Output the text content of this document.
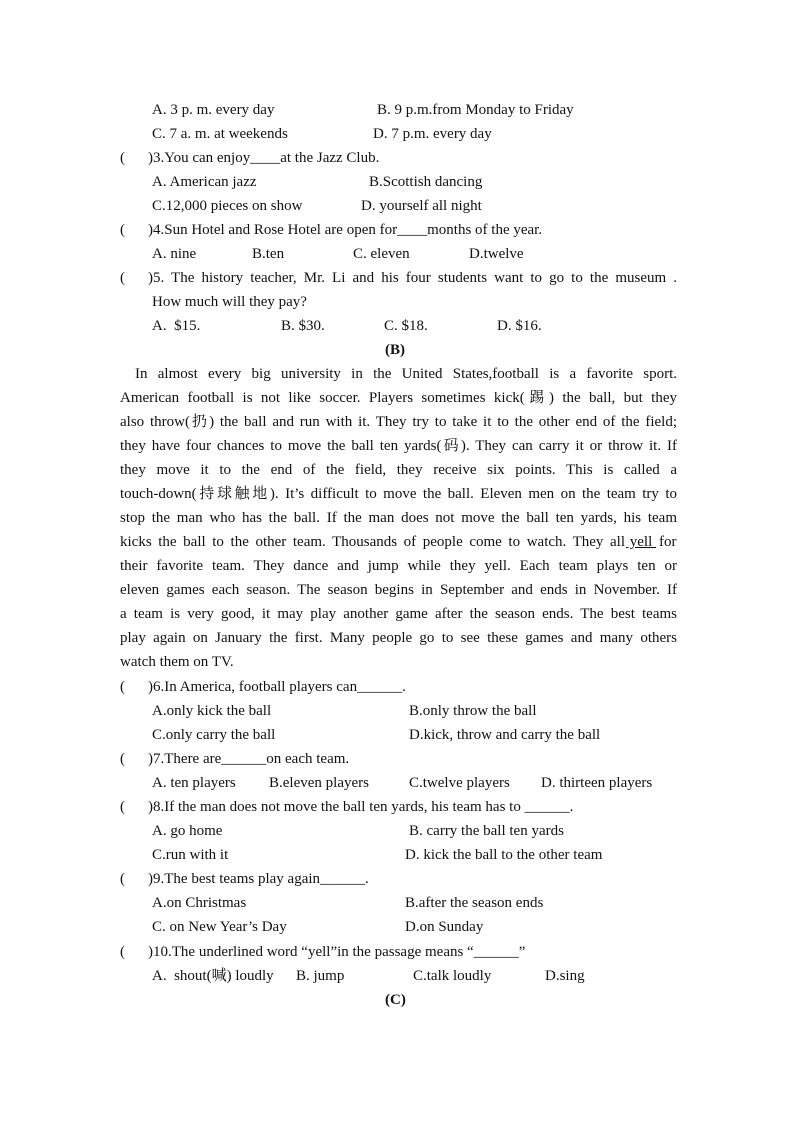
A. 3 p. m. every day	B. 9 p.m.from Monday to Friday
C. 7 a. m. at weekends	D. 7 p.m. every day
( )3.You can enjoy____at the Jazz Club.
A. American jazz	B.Scottish dancing
C.12,000 pieces on show	D. yourself all night
( )4.Sun Hotel and Rose Hotel are open for____months of the year.
A. nine	B.ten	C. eleven	D.twelve
( )5. The history teacher, Mr. Li and his four students want to go to the museum .
How much will they pay?
A.  $15.	B. $30.	C. $18.	D. $16.
(B)
In almost every big university in the United States,football is a favorite sport.
American football is not like soccer. Players sometimes kick(踢) the ball, but they
also throw(扔) the ball and run with it. They try to take it to the other end of the field;
they have four chances to move the ball ten yards(码). They can carry it or throw it. If
they move it to the end of the field, they receive six points. This is called a
touch-down(持球触地). It’s difficult to move the ball. Eleven men on the team try to
stop the man who has the ball. If the man does not move the ball ten yards, his team
kicks the ball to the other team. Thousands of people come to watch. They all yell for
their favorite team. They dance and jump while they yell. Each team plays ten or
eleven games each season. The season begins in September and ends in November. If
a team is very good, it may play another game after the season ends. The best teams
play again on January the first. Many people go to see these games and many others
watch them on TV.
( )6.In America, football players can______.
A.only kick the ball	B.only throw the ball
C.only carry the ball	D.kick, throw and carry the ball
( )7.There are______on each team.
A. ten players B.eleven players	C.twelve players D. thirteen players
( )8.If the man does not move the ball ten yards, his team has to ______.
A. go home	B. carry the ball ten yards
C.run with it	D. kick the ball to the other team
( )9.The best teams play again______.
A.on Christmas	B.after the season ends
C. on New Year’s Day	D.on Sunday
( )10.The underlined word “yell”in the passage means “______”
A.  shout(喊) loudly B. jump	C.talk loudly	D.sing
(C)
